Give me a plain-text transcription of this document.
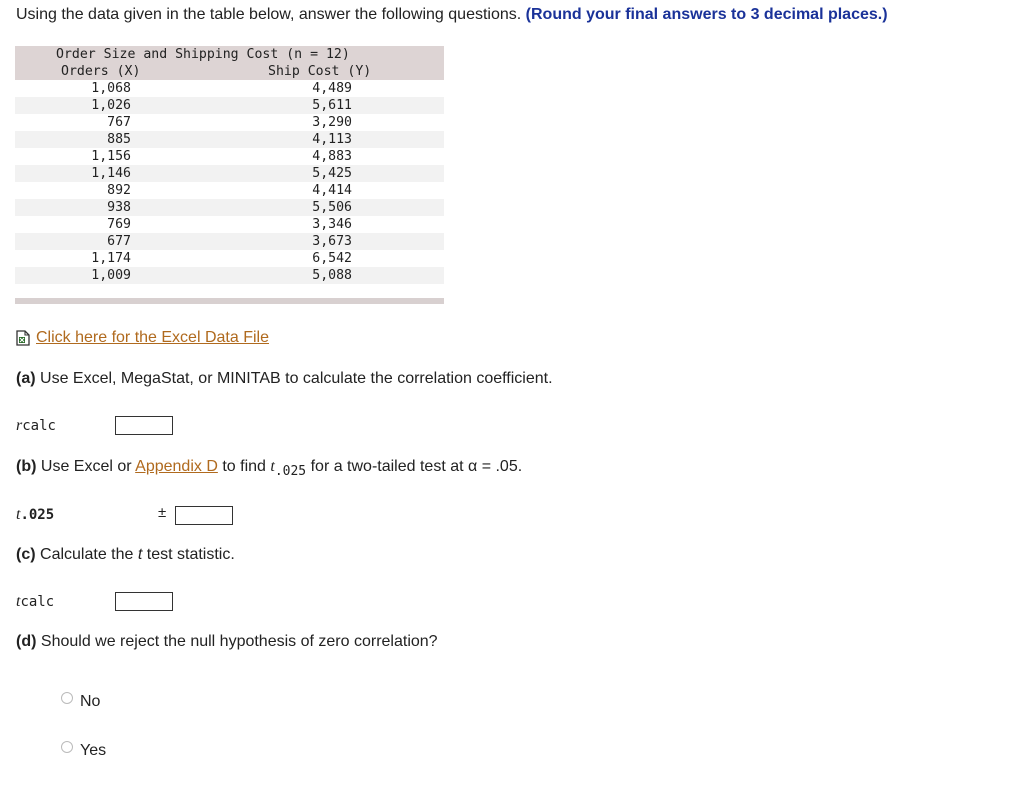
Using the data given in the table below, answer the following questions. (Round your final answers to 3 decimal places.)
Order Size and Shipping Cost (n = 12)
Orders (X)	Ship Cost (Y)
1,068	4,489
1,026	5,611
767	3,290
885	4,113
1,156	4,883
1,146	5,425
892	4,414
938	5,506
769	3,346
677	3,673
1,174	6,542
1,009	5,088
Click here for the Excel Data File
(a) Use Excel, MegaStat, or MINITAB to calculate the correlation coefficient.
rcalc
(b) Use Excel or Appendix D to find $t_{.025}$ for a two-tailed test at α = .05.
t.025	±
(c) Calculate the t test statistic.
tcalc
(d) Should we reject the null hypothesis of zero correlation?
No
Yes
